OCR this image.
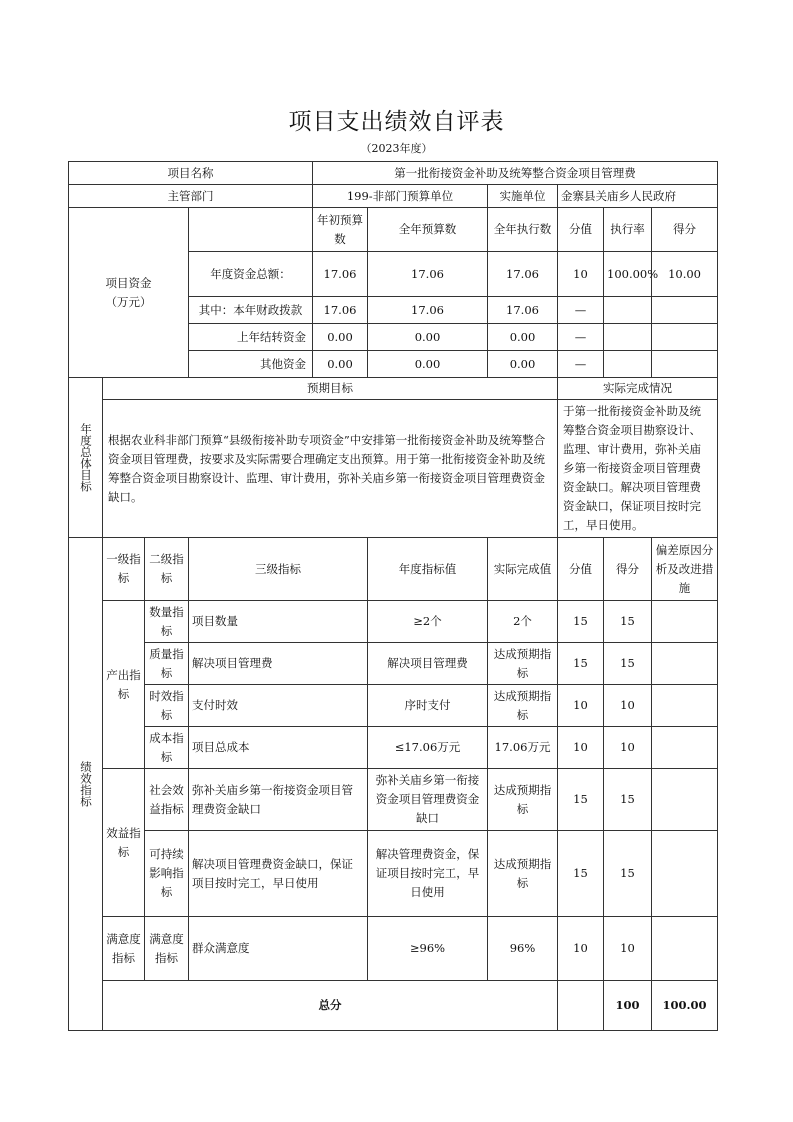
项目支出绩效自评表
（2023年度）
项目名称				第一批衔接资金补助及统筹整合资金项目管理费						
主管部门				199-非部门预算单位		实施单位	金寨县关庙乡人民政府			

项目资金
（万元）				年初预算数	全年预算数	全年执行数	分值	执行率	得分	
			年度资金总额：	17.06	17.06	17.06	10	100.00%	10.00	
			其中：本年财政拨款	17.06	17.06	17.06	—			
			上年结转资金	0.00	0.00	0.00	—			
			其他资金	0.00	0.00	0.00	—			

年度总体目标	预期目标						实际完成情况			
	根据农业科非部门预算“县级衔接补助专项资金”中安排第一批衔接资金补助及统筹整合资金项目管理费，按要求及实际需要合理确定支出预算。用于第一批衔接资金补助及统筹整合资金项目勘察设计、监理、审计费用，弥补关庙乡第一衔接资金项目管理费资金缺口。						于第一批衔接资金补助及统筹整合资金项目勘察设计、监理、审计费用，弥补关庙乡第一衔接资金项目管理费资金缺口。解决项目管理费资金缺口，保证项目按时完工，早日使用。			

绩效指标	一级指标	二级指标	三级指标		年度指标值	实际完成值	分值	得分	偏差原因分析及改进措施	
	产出指标	数量指标	项目数量		≥2个	2个	15	15		
		质量指标	解决项目管理费		解决项目管理费	达成预期指标	15	15		
		时效指标	支付时效		序时支付	达成预期指标	10	10		
		成本指标	项目总成本		≤17.06万元	17.06万元	10	10		
	效益指标	社会效益指标	弥补关庙乡第一衔接资金项目管理费资金缺口		弥补关庙乡第一衔接资金项目管理费资金缺口	达成预期指标	15	15		
		可持续影响指标	解决项目管理费资金缺口，保证项目按时完工，早日使用		解决管理费资金，保证项目按时完工，早日使用	达成预期指标	15	15		
	满意度指标	满意度指标	群众满意度		≥96%	96%	10	10		
	总分							100	100.00	
